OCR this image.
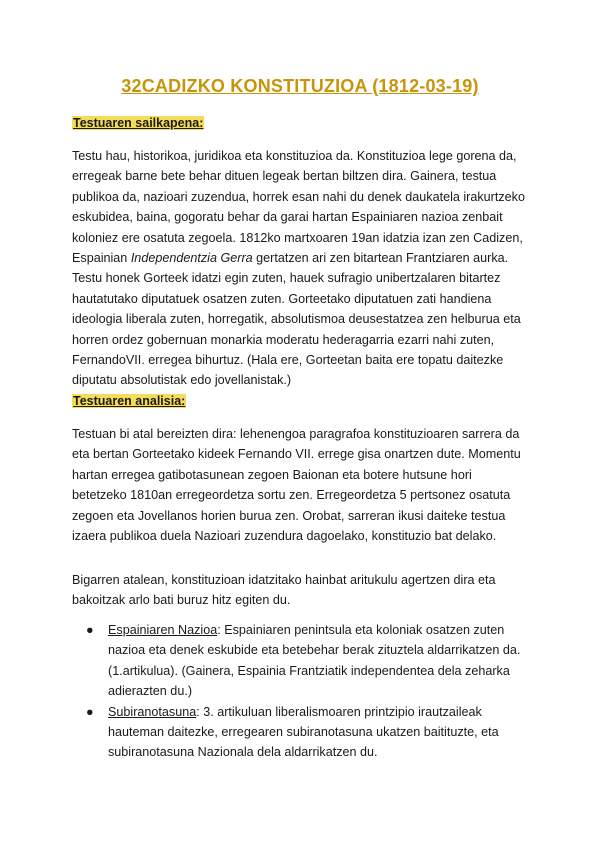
32CADIZKO KONSTITUZIOA (1812-03-19)
Testuaren sailkapena:

Testu hau, historikoa, juridikoa eta konstituzioa da. Konstituzioa lege gorena da, erregeak barne bete behar dituen legeak bertan biltzen dira. Gainera, testua publikoa da, nazioari zuzendua, horrek esan nahi du denek daukatela irakurtzeko eskubidea, baina, gogoratu behar da garai hartan Espainiaren nazioa zenbait koloniez ere osatuta zegoela. 1812ko martxoaren 19an idatzia izan zen Cadizen, Espainian Independentzia Gerra gertatzen ari zen bitartean Frantziaren aurka. Testu honek Gorteek idatzi egin zuten, hauek sufragio unibertzalaren bitartez hautatutako diputatuek osatzen zuten. Gorteetako diputatuen zati handiena ideologia liberala zuten, horregatik, absolutismoa deusestatzea zen helburua eta horren ordez gobernuan monarkia moderatu hederagarria ezarri nahi zuten, FernandoVII. erregea bihurtuz. (Hala ere, Gorteetan baita ere topatu daitezke diputatu absolutistak edo jovellanistak.)

Testuaren analisia:

Testuan bi atal bereizten dira: lehenengoa paragrafoa konstituzioaren sarrera da eta bertan Gorteetako kideek Fernando VII. errege gisa onartzen dute. Momentu hartan erregea gatibotasunean zegoen Baionan eta botere hutsune hori betetzeko 1810an erregeordetza sortu zen. Erregeordetza 5 pertsonez osatuta zegoen eta Jovellanos horien burua zen. Orobat, sarreran ikusi daiteke testua izaera publikoa duela Nazioari zuzendura dagoelako, konstituzio bat delako.

Bigarren atalean, konstituzioan idatzitako hainbat aritukulu agertzen dira eta bakoitzak arlo bati buruz hitz egiten du.

● Espainiaren Nazioa: Espainiaren penintsula eta koloniak osatzen zuten nazioa eta denek eskubide eta betebehar berak zituztela aldarrikatzen da. (1.artikulua). (Gainera, Espainia Frantziatik independentea dela zeharka adierazten du.)
● Subiranotasuna: 3. artikuluan liberalismoaren printzipio irautzaileak hauteman daitezke, erregearen subiranotasuna ukatzen baitituzte, eta subiranotasuna Nazionala dela aldarrikatzen du.
